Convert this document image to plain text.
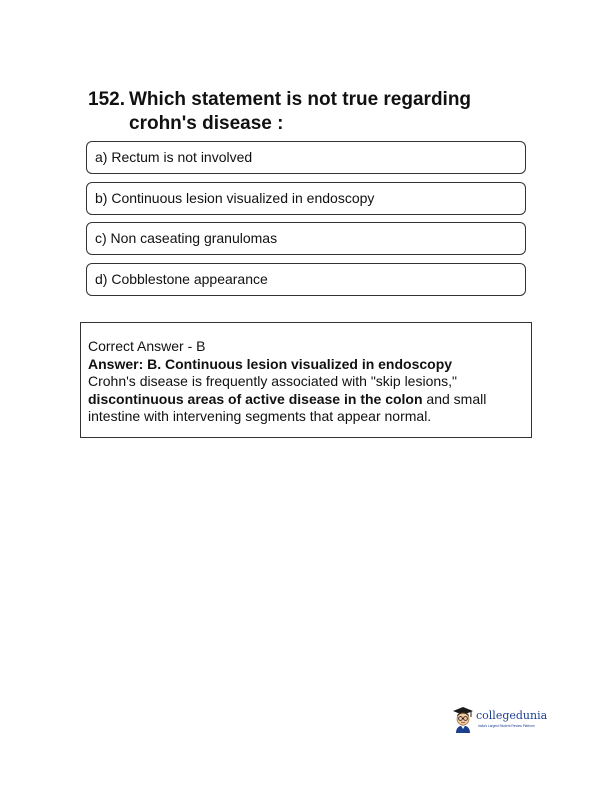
152. Which statement is not true regarding
crohn's disease :
a) Rectum is not involved
b) Continuous lesion visualized in endoscopy
c) Non caseating granulomas
d) Cobblestone appearance
Correct Answer - B
Answer: B. Continuous lesion visualized in endoscopy
Crohn's disease is frequently associated with "skip lesions," discontinuous areas of active disease in the colon and small intestine with intervening segments that appear normal.
collegedunia
India's Largest Student Review Platform
